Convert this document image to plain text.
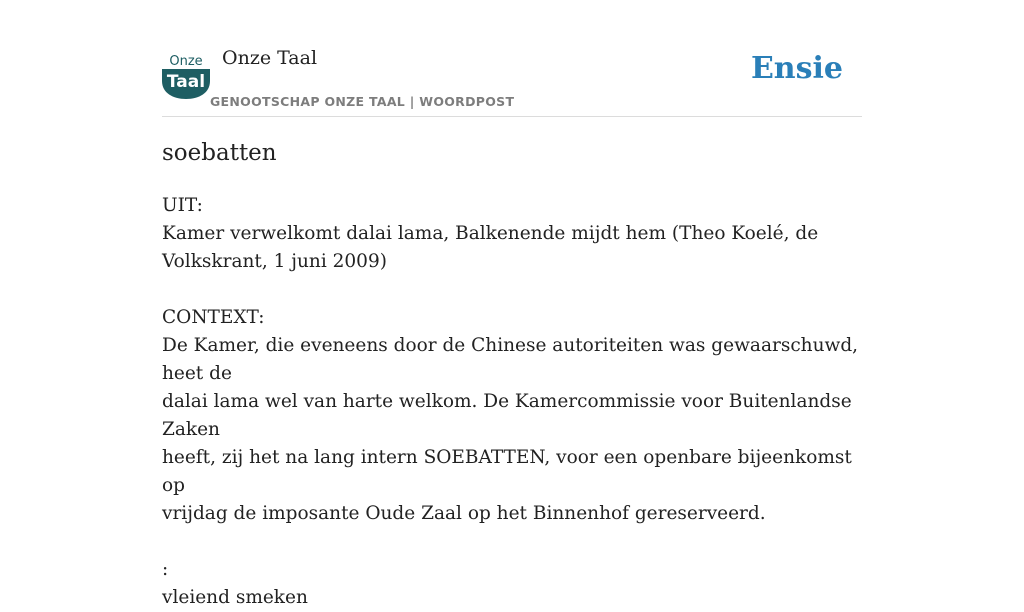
Onze
Taal
Onze Taal
GENOOTSCHAP ONZE TAAL | WOORDPOST
Ensie
soebatten

UIT:

Kamer verwelkomt dalai lama, Balkenende mijdt hem (Theo Koelé, de

Volkskrant, 1 juni 2009)

CONTEXT:

De Kamer, die eveneens door de Chinese autoriteiten was gewaarschuwd, heet de

dalai lama wel van harte welkom. De Kamercommissie voor Buitenlandse Zaken

heeft, zij het na lang intern SOEBATTEN, voor een openbare bijeenkomst op

vrijdag de imposante Oude Zaal op het Binnenhof gereserveerd.

:

vleiend smeken
